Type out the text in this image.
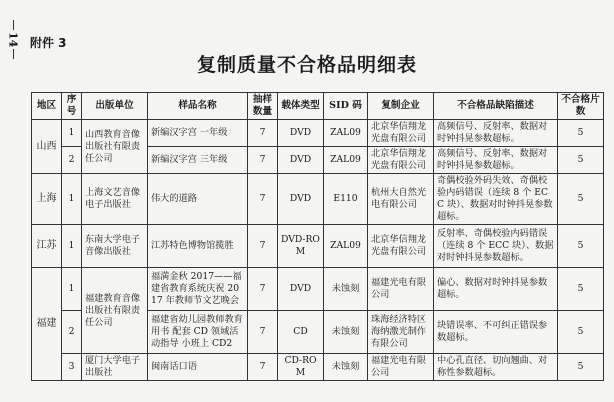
14 附件 3
复制质量不合格品明细表
地区	序号	出版单位	样品名称	抽样数量	载体类型	SID 码	复制企业	不合格品缺陷描述	不合格片数
山西	1	山西教育音像出版社有限责任公司	新编汉字宫 一年级	7	DVD	ZAL09	北京华信翔龙光盘有限公司	高频信号、反射率、数据对时钟抖晃参数超标。	5
	2		新编汉字宫 三年级	7	DVD	ZAL09	北京华信翔龙光盘有限公司	高频信号、反射率、数据对时钟抖晃参数超标。	5
上海	1	上海文艺音像电子出版社	伟大的道路	7	DVD	E110	杭州大自然光电有限公司	奇偶校验外码失效、奇偶校验内码错误（连续 8 个 ECC 块）、数据对时钟抖晃参数超标。	5
江苏	1	东南大学电子音像出版社	江苏特色博物馆揽胜	7	DVD-ROM	ZAL09	北京华信翔龙光盘有限公司	反射率、奇偶校验内码错误（连续 8 个 ECC 块）、数据对时钟抖晃参数超标。	5
福建	1	福建教育音像出版社有限责任公司	福満金秋 2017——福建省教育系统庆祝 2017 年教师节文艺晚会	7	DVD	未蚀刻	福建光电有限公司	偏心、数据对时钟抖晃参数超标。	5
	2		福建省幼儿园教师教育用书 配套 CD 领域活动指导 小班上 CD2	7	CD	未蚀刻	珠海经济特区海纳激光制作有限公司	块错误率、不可纠正错误参数超标。	5
	3	厦门大学电子出版社	闽南话口语	7	CD-ROM	未蚀刻	福建光电有限公司	中心孔直径、切向翘曲、对称性参数超标。	5
